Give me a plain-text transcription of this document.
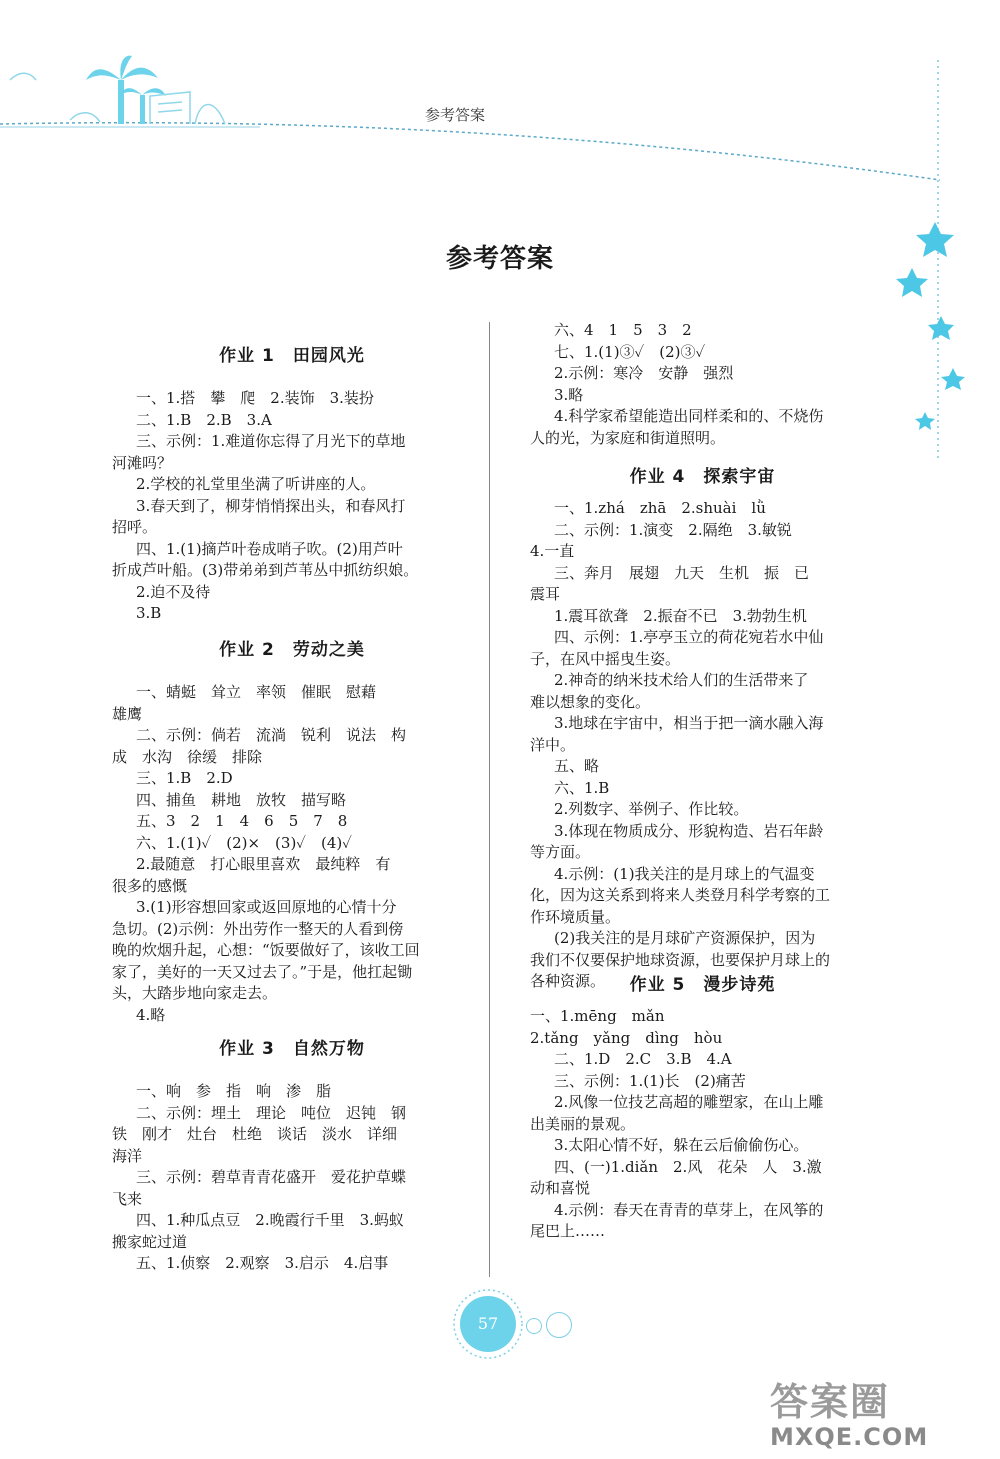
参考答案
参考答案
作业 1　田园风光
一、1.搭　攀　爬　2.装饰　3.装扮
二、1.B　2.B　3.A
三、示例：1.难道你忘得了月光下的草地
河滩吗？
2.学校的礼堂里坐满了听讲座的人。
3.春天到了，柳芽悄悄探出头，和春风打
招呼。
四、1.(1)摘芦叶卷成哨子吹。(2)用芦叶
折成芦叶船。(3)带弟弟到芦苇丛中抓纺织娘。
2.迫不及待
3.B
作业 2　劳动之美
一、蜻蜓　耸立　率领　催眠　慰藉
雄鹰
二、示例：倘若　流淌　锐利　说法　构
成　水沟　徐缓　排除
三、1.B　2.D
四、捕鱼　耕地　放牧　描写略
五、3　2　1　4　6　5　7　8
六、1.(1)✓　(2)×　(3)✓　(4)✓
2.最随意　打心眼里喜欢　最纯粹　有
很多的感慨
3.(1)形容想回家或返回原地的心情十分
急切。(2)示例：外出劳作一整天的人看到傍
晚的炊烟升起，心想：“饭要做好了，该收工回
家了，美好的一天又过去了。”于是，他扛起锄
头，大踏步地向家走去。
4.略
作业 3　自然万物
一、响　参　指　响　渗　脂
二、示例：埋土　理论　吨位　迟钝　钢
铁　刚才　灶台　杜绝　谈话　淡水　详细
海洋
三、示例：碧草青青花盛开　爱花护草蝶
飞来
四、1.种瓜点豆　2.晚霞行千里　3.蚂蚁
搬家蛇过道
五、1.侦察　2.观察　3.启示　4.启事
六、4　1　5　3　2
七、1.(1)③✓　(2)③✓
2.示例：寒冷　安静　强烈
3.略
4.科学家希望能造出同样柔和的、不烧伤
人的光，为家庭和街道照明。
作业 4　探索宇宙
一、1.zhá　zhā　2.shuài　lǜ
二、示例：1.演变　2.隔绝　3.敏锐
4.一直
三、奔月　展翅　九天　生机　振　已
震耳
1.震耳欲聋　2.振奋不已　3.勃勃生机
四、示例：1.亭亭玉立的荷花宛若水中仙
子，在风中摇曳生姿。
2.神奇的纳米技术给人们的生活带来了
难以想象的变化。
3.地球在宇宙中，相当于把一滴水融入海
洋中。
五、略
六、1.B
2.列数字、举例子、作比较。
3.体现在物质成分、形貌构造、岩石年龄
等方面。
4.示例：(1)我关注的是月球上的气温变
化，因为这关系到将来人类登月科学考察的工
作环境质量。
(2)我关注的是月球矿产资源保护，因为
我们不仅要保护地球资源，也要保护月球上的
各种资源。	作业 5　漫步诗苑
一、1.mēng　mǎn
2.tǎng　yǎng　dìng　hòu
二、1.D　2.C　3.B　4.A
三、示例：1.(1)长　(2)痛苦
2.风像一位技艺高超的雕塑家，在山上雕
出美丽的景观。
3.太阳心情不好，躲在云后偷偷伤心。
四、(一)1.diǎn　2.风　花朵　人　3.激
动和喜悦
4.示例：春天在青青的草芽上，在风筝的
尾巴上……
57
答案圈
MXQE.COM
